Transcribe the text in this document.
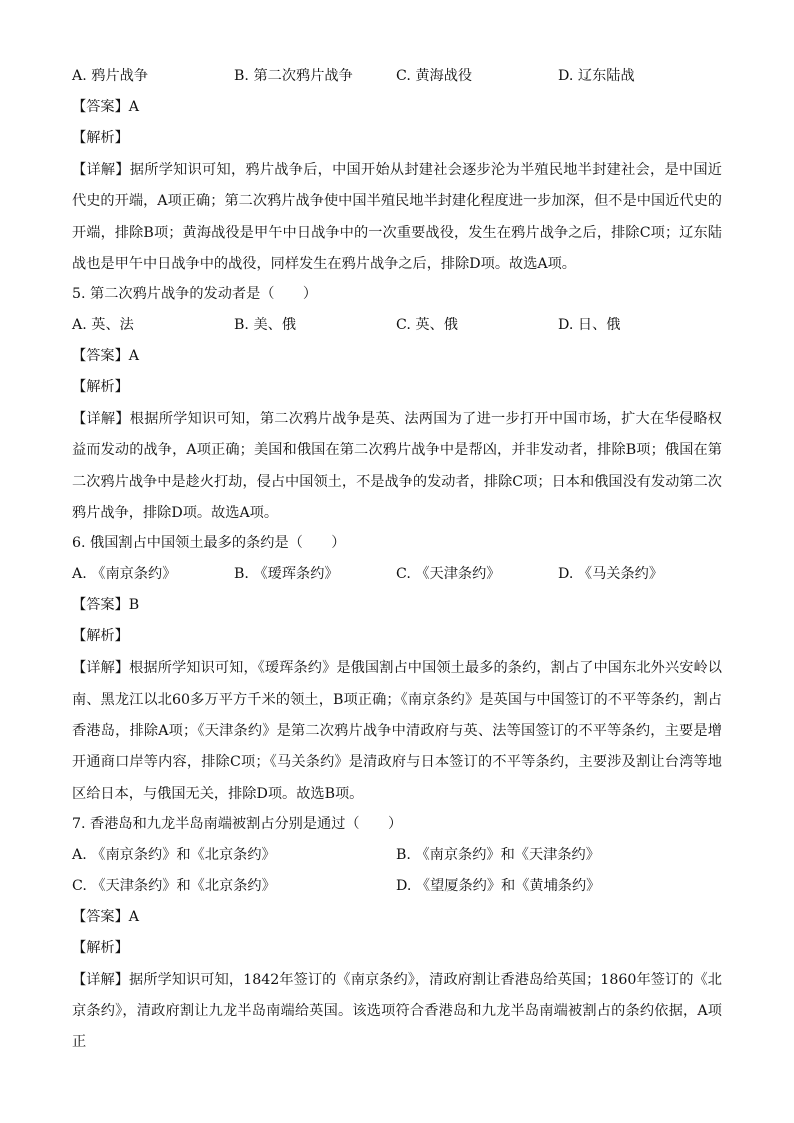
A. 鸦片战争	B. 第二次鸦片战争	C. 黄海战役	D. 辽东陆战
【答案】A
【解析】

【详解】据所学知识可知，鸦片战争后，中国开始从封建社会逐步沦为半殖民地半封建社会，是中国近代史的开端，A项正确；第二次鸦片战争使中国半殖民地半封建化程度进一步加深，但不是中国近代史的开端，排除B项；黄海战役是甲午中日战争中的一次重要战役，发生在鸦片战争之后，排除C项；辽东陆战也是甲午中日战争中的战役，同样发生在鸦片战争之后，排除D项。故选A项。

5. 第二次鸦片战争的发动者是（　　）
A. 英、法	B. 美、俄	C. 英、俄	D. 日、俄
【答案】A
【解析】

【详解】根据所学知识可知，第二次鸦片战争是英、法两国为了进一步打开中国市场，扩大在华侵略权益而发动的战争，A项正确；美国和俄国在第二次鸦片战争中是帮凶，并非发动者，排除B项；俄国在第二次鸦片战争中是趁火打劫，侵占中国领土，不是战争的发动者，排除C项；日本和俄国没有发动第二次鸦片战争，排除D项。故选A项。

6. 俄国割占中国领土最多的条约是（　　）
A. 《南京条约》	B. 《瑷珲条约》	C. 《天津条约》	D. 《马关条约》
【答案】B
【解析】

【详解】根据所学知识可知，《瑷珲条约》是俄国割占中国领土最多的条约，割占了中国东北外兴安岭以南、黑龙江以北60多万平方千米的领土，B项正确；《南京条约》是英国与中国签订的不平等条约，割占香港岛，排除A项；《天津条约》是第二次鸦片战争中清政府与英、法等国签订的不平等条约，主要是增开通商口岸等内容，排除C项；《马关条约》是清政府与日本签订的不平等条约，主要涉及割让台湾等地区给日本，与俄国无关，排除D项。故选B项。

7. 香港岛和九龙半岛南端被割占分别是通过（　　）
A. 《南京条约》和《北京条约》	B. 《南京条约》和《天津条约》
C. 《天津条约》和《北京条约》	D. 《望厦条约》和《黄埔条约》
【答案】A
【解析】

【详解】据所学知识可知，1842年签订的《南京条约》，清政府割让香港岛给英国；1860年签订的《北京条约》，清政府割让九龙半岛南端给英国。该选项符合香港岛和九龙半岛南端被割占的条约依据，A项正
